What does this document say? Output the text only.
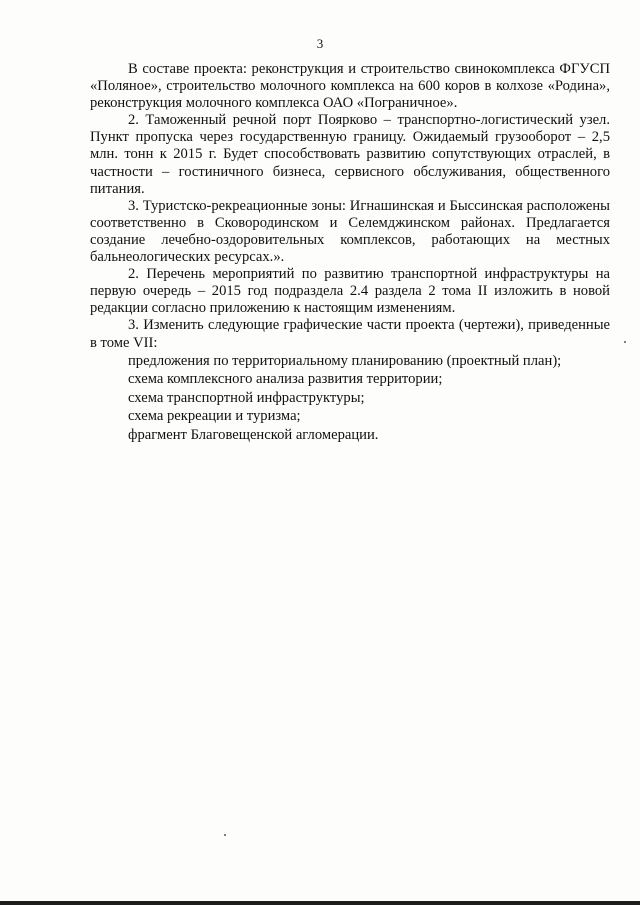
3

В составе проекта: реконструкция и строительство свинокомплекса ФГУСП «Поляное», строительство молочного комплекса на 600 коров в колхозе «Родина», реконструкция молочного комплекса ОАО «Пограничное».

2. Таможенный речной порт Поярково – транспортно-логистический узел. Пункт пропуска через государственную границу. Ожидаемый грузооборот – 2,5 млн. тонн к 2015 г. Будет способствовать развитию сопутствующих отраслей, в частности – гостиничного бизнеса, сервисного обслуживания, общественного питания.

3. Туристско-рекреационные зоны: Игнашинская и Быссинская расположены соответственно в Сковородинском и Селемджинском районах. Предлагается создание лечебно-оздоровительных комплексов, работающих на местных бальнеологических ресурсах.».

2. Перечень мероприятий по развитию транспортной инфраструктуры на первую очередь – 2015 год подраздела 2.4 раздела 2 тома II изложить в новой редакции согласно приложению к настоящим изменениям.

3. Изменить следующие графические части проекта (чертежи), приведенные в томе VII:

предложения по территориальному планированию (проектный план);
схема комплексного анализа развития территории;
схема транспортной инфраструктуры;
схема рекреации и туризма;
фрагмент Благовещенской агломерации.
